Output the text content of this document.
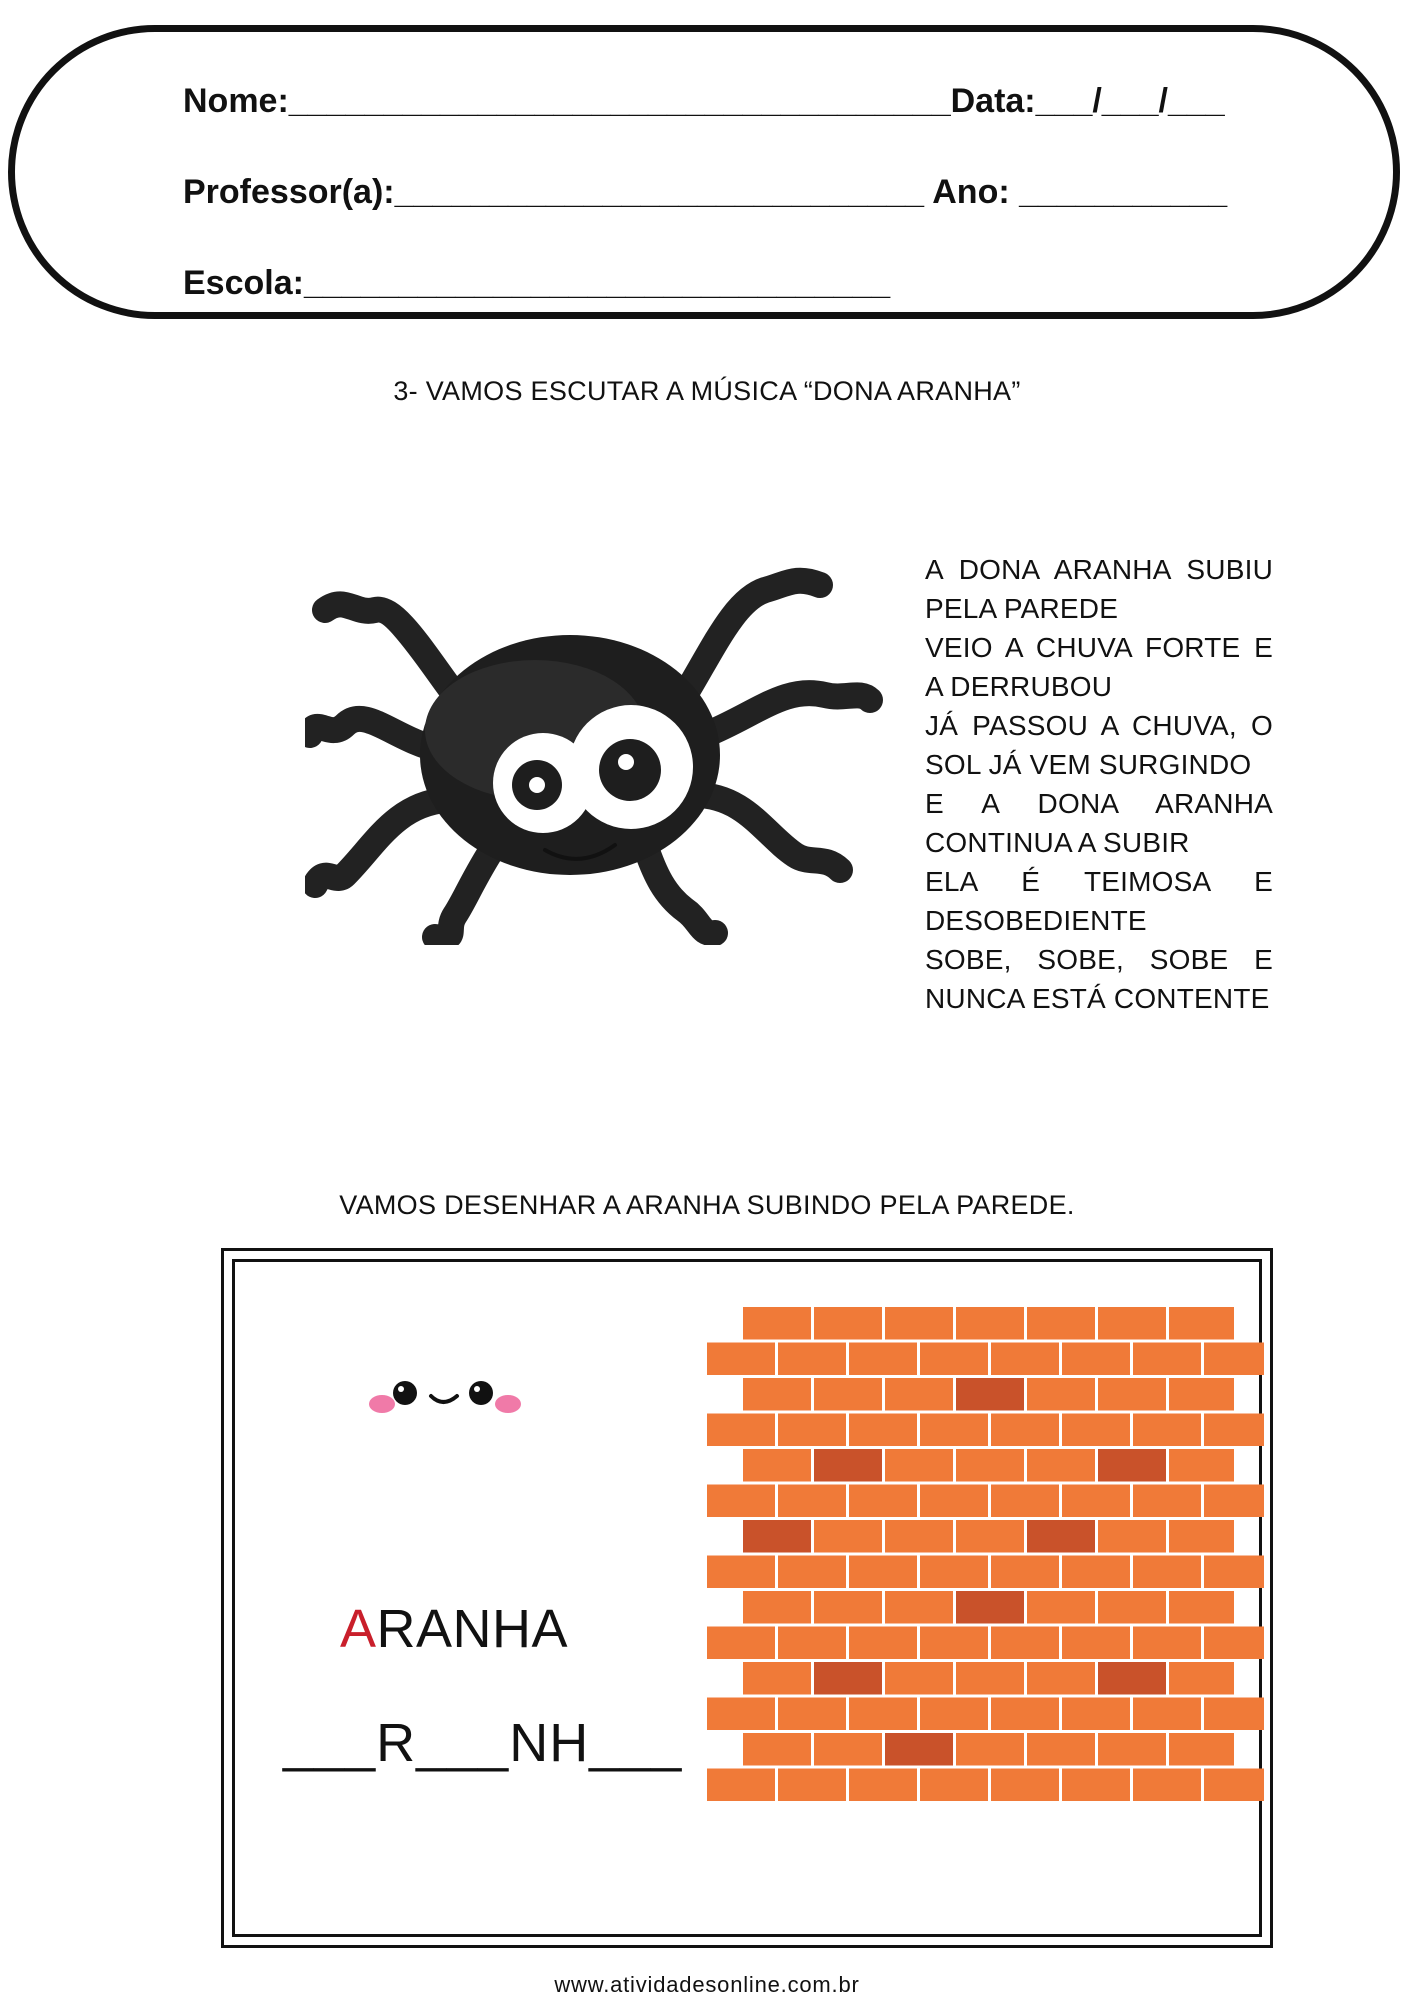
Nome:___________________________________Data:___/___/___
Professor(a):____________________________ Ano: ___________
Escola:_______________________________
3- VAMOS ESCUTAR A MÚSICA “DONA ARANHA”

A DONA ARANHA SUBIU PELA PAREDE

VEIO A CHUVA FORTE E A DERRUBOU

JÁ PASSOU A CHUVA, O SOL JÁ VEM SURGINDO

E A DONA ARANHA CONTINUA A SUBIR

ELA É TEIMOSA E DESOBEDIENTE

SOBE, SOBE, SOBE E NUNCA ESTÁ CONTENTE

VAMOS DESENHAR A ARANHA SUBINDO PELA PAREDE.
ARANHA
___R___NH___
www.atividadesonline.com.br
